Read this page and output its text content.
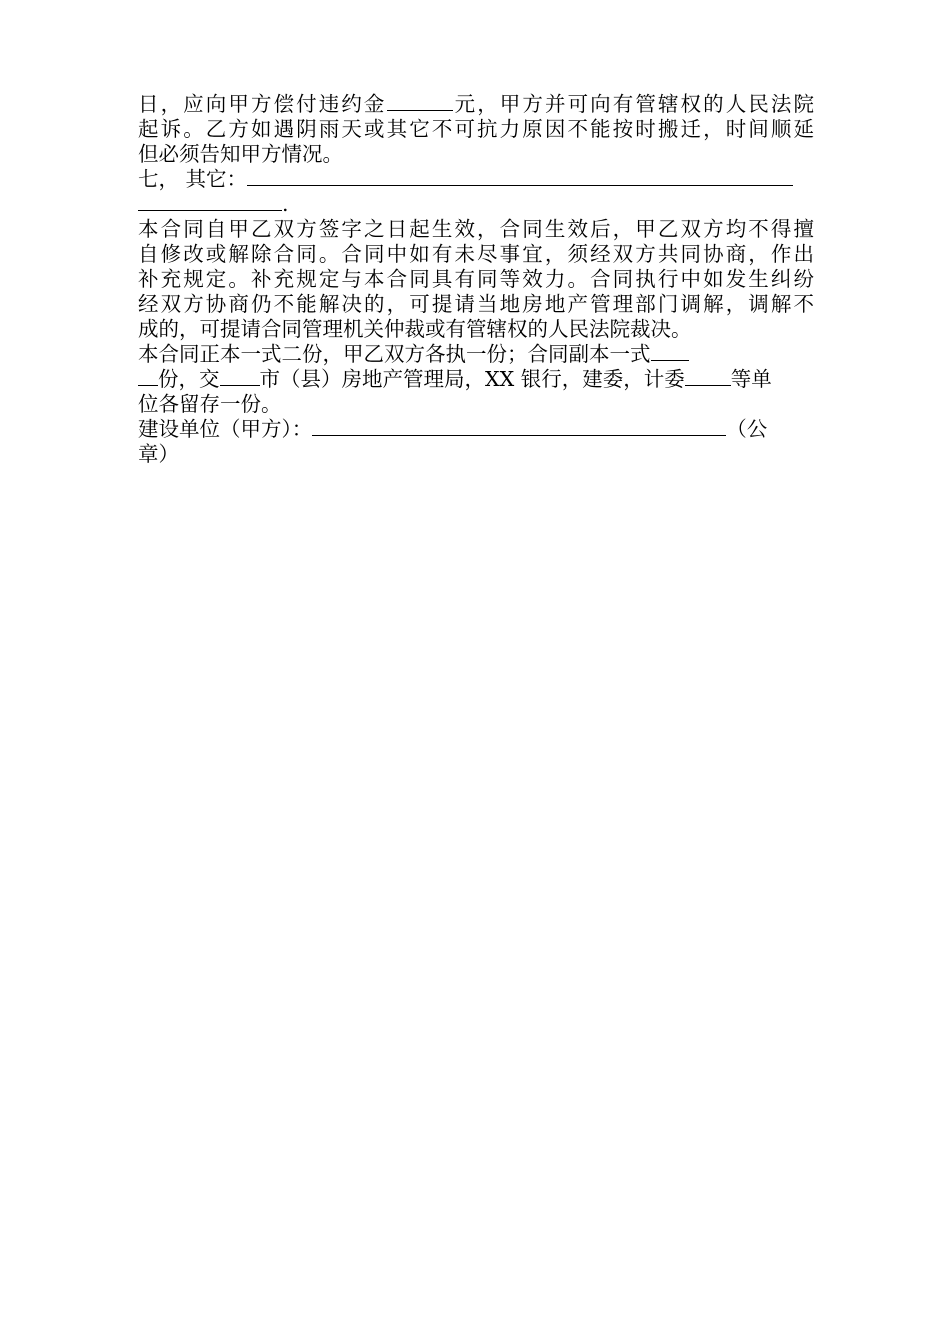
日，应向甲方偿付违约金	元，甲方并可向有管辖权的人民法院
起诉。乙方如遇阴雨天或其它不可抗力原因不能按时搬迁，时间顺延
但必须告知甲方情况。
七， 其它：
.
本合同自甲乙双方签字之日起生效，合同生效后，甲乙双方均不得擅
自修改或解除合同。合同中如有未尽事宜，须经双方共同协商，作出
补充规定。补充规定与本合同具有同等效力。合同执行中如发生纠纷
经双方协商仍不能解决的，可提请当地房地产管理部门调解，调解不
成的，可提请合同管理机关仲裁或有管辖权的人民法院裁决。
本合同正本一式二份，甲乙双方各执一份；合同副本一式
份，交 市（县）房地产管理局，XX 银行，建委，计委 等单
位各留存一份。
建设单位（甲方）：	（公
章）
